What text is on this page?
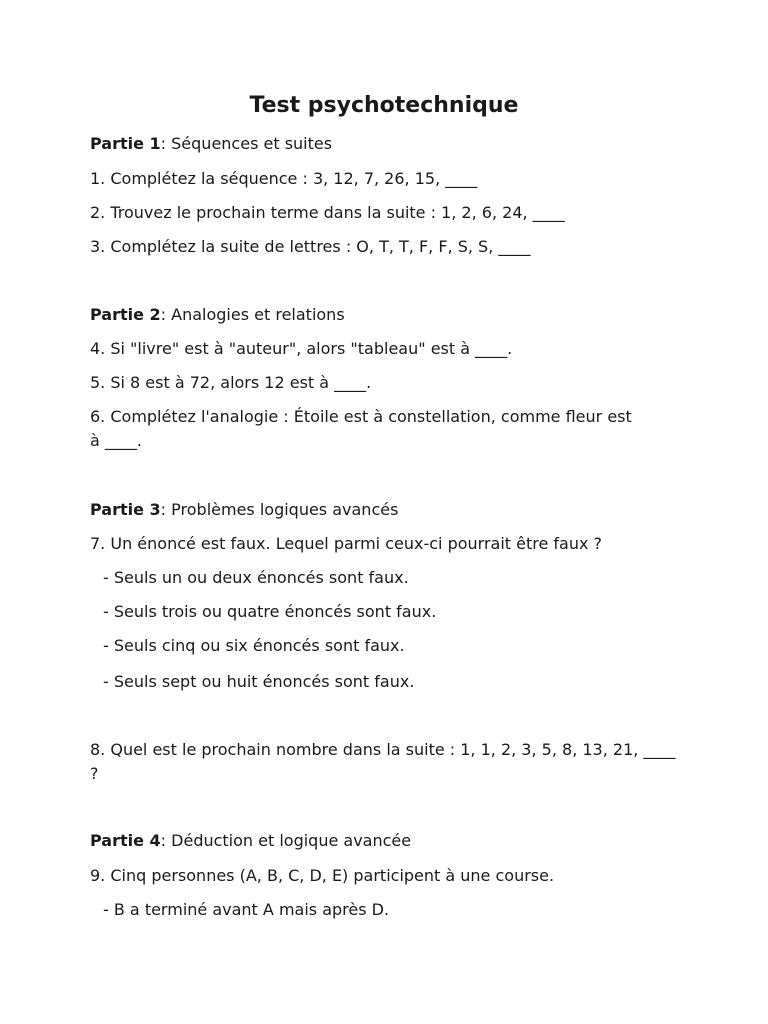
Test psychotechnique

Partie 1: Séquences et suites

1. Complétez la séquence : 3, 12, 7, 26, 15, ____

2. Trouvez le prochain terme dans la suite : 1, 2, 6, 24, ____

3. Complétez la suite de lettres : O, T, T, F, F, S, S, ____

Partie 2: Analogies et relations

4. Si "livre" est à "auteur", alors "tableau" est à ____.

5. Si 8 est à 72, alors 12 est à ____.

6. Complétez l'analogie : Étoile est à constellation, comme fleur est

à ____.

Partie 3: Problèmes logiques avancés

7. Un énoncé est faux. Lequel parmi ceux-ci pourrait être faux ?

- Seuls un ou deux énoncés sont faux.

- Seuls trois ou quatre énoncés sont faux.

- Seuls cinq ou six énoncés sont faux.

- Seuls sept ou huit énoncés sont faux.

8. Quel est le prochain nombre dans la suite : 1, 1, 2, 3, 5, 8, 13, 21, ____

?

Partie 4: Déduction et logique avancée

9. Cinq personnes (A, B, C, D, E) participent à une course.

- B a terminé avant A mais après D.
